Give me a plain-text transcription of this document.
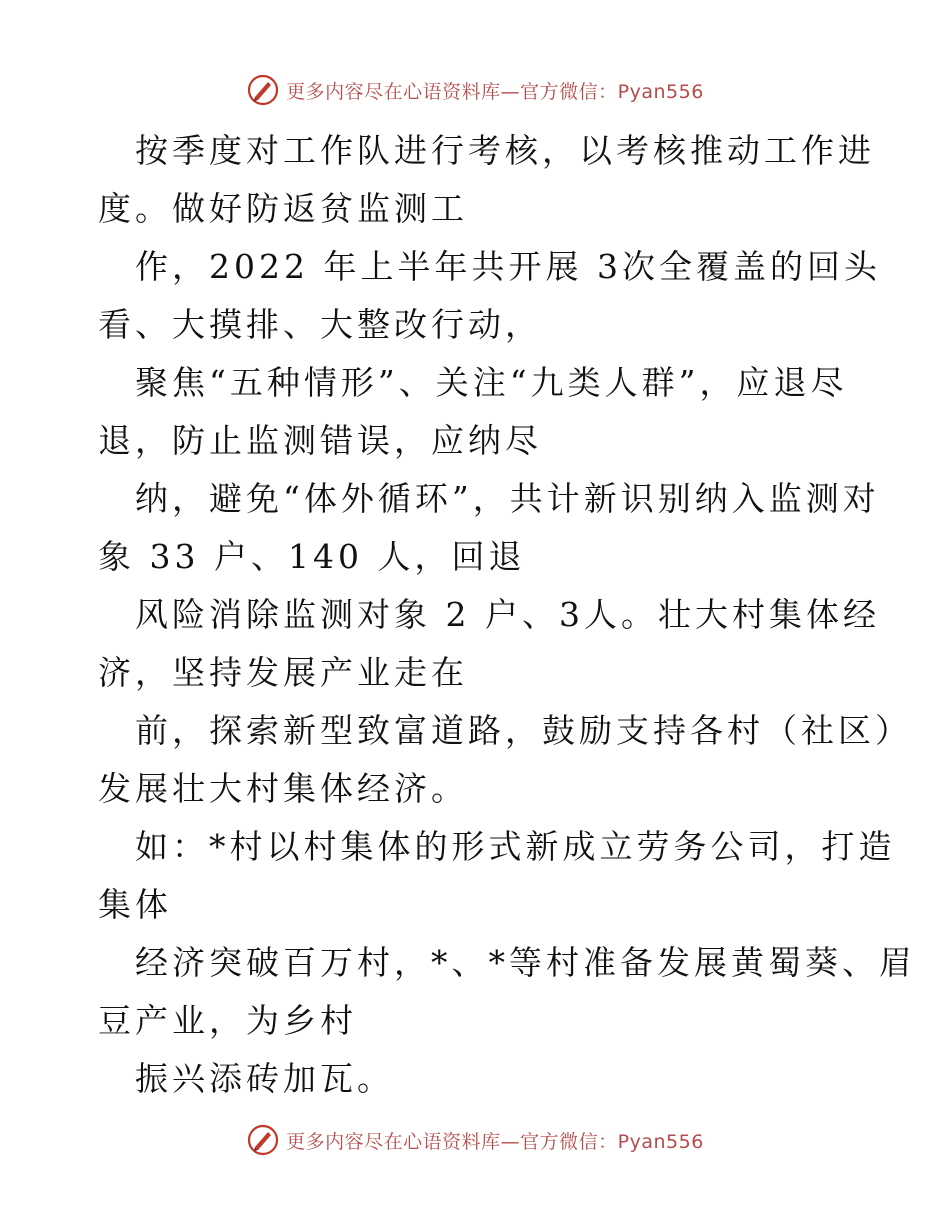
更多内容尽在心语资料库—官方微信：Pyan556
按季度对工作队进行考核，以考核推动工作进
度。做好防返贫监测工
作，2022 年上半年共开展 3次全覆盖的回头
看、大摸排、大整改行动，
聚焦“五种情形”、关注“九类人群”，应退尽
退，防止监测错误，应纳尽
纳，避免“体外循环”，共计新识别纳入监测对
象 33 户、140 人，回退
风险消除监测对象 2 户、3人。壮大村集体经
济，坚持发展产业走在
前，探索新型致富道路，鼓励支持各村（社区）
发展壮大村集体经济。
如：*村以村集体的形式新成立劳务公司，打造
集体
经济突破百万村，*、*等村准备发展黄蜀葵、眉
豆产业，为乡村
振兴添砖加瓦。
更多内容尽在心语资料库—官方微信：Pyan556
